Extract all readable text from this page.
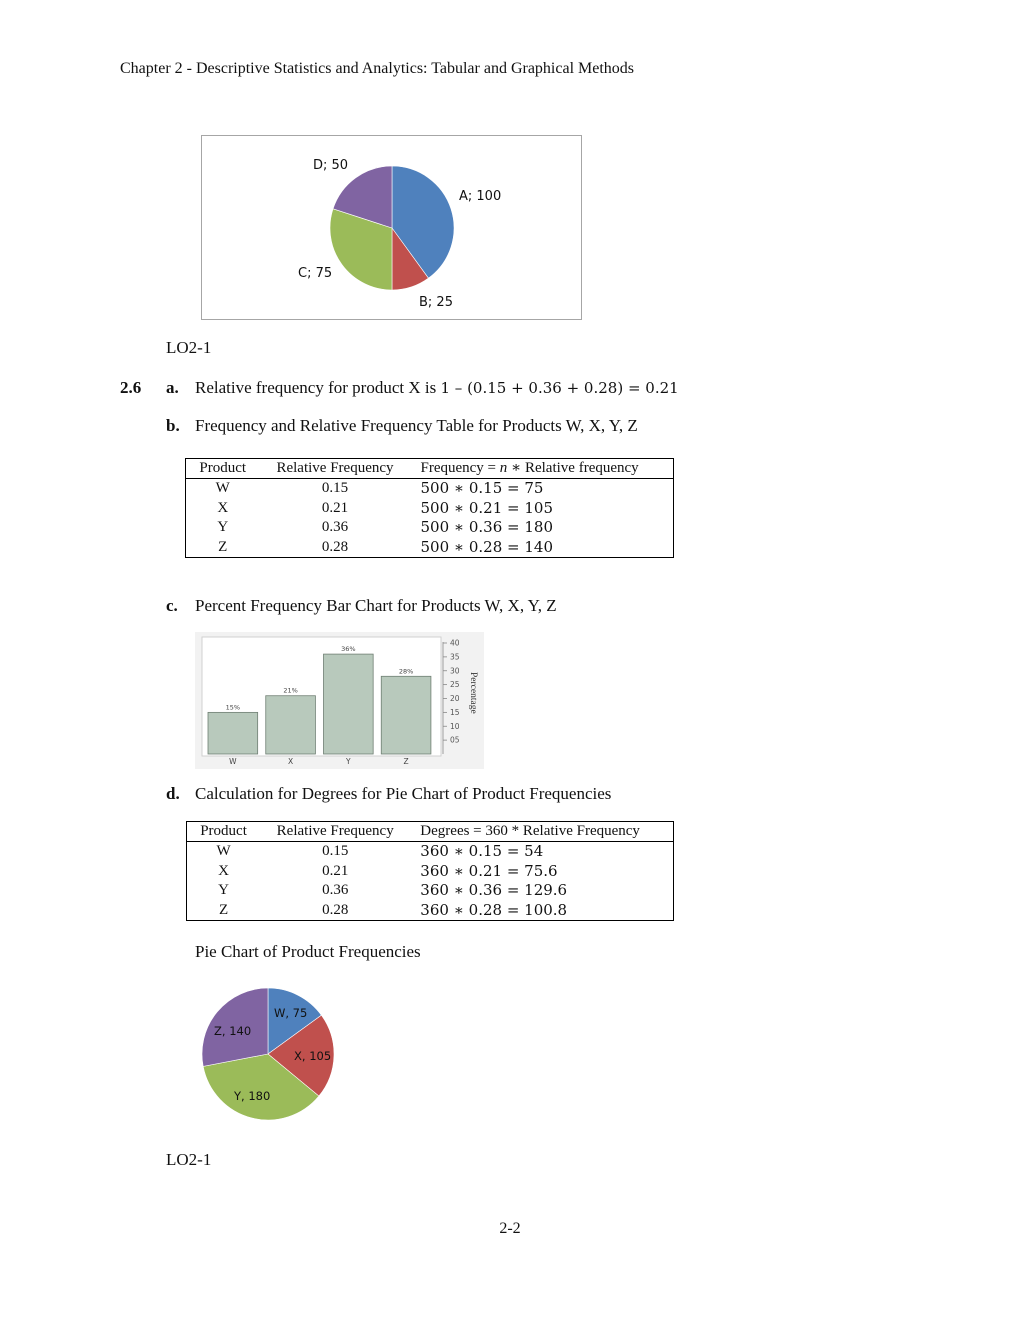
Chapter 2 - Descriptive Statistics and Analytics: Tabular and Graphical Methods
A; 100
B; 25
C; 75
D; 50
LO2-1
2.6 a. Relative frequency for product X is 1 – (0.15 + 0.36 + 0.28) = 0.21
b. Frequency and Relative Frequency Table for Products W, X, Y, Z
Product	Relative Frequency	Frequency = n ∗ Relative frequency
W	0.15	500 ∗ 0.15 = 75
X	0.21	500 ∗ 0.21 = 105
Y	0.36	500 ∗ 0.36 = 180
Z	0.28	500 ∗ 0.28 = 140
c. Percent Frequency Bar Chart for Products W, X, Y, Z
15%
W
21%
X
36%
Y
28%
Z
05
10
15
20
25
30
35
40
Percentage
d. Calculation for Degrees for Pie Chart of Product Frequencies
Product	Relative Frequency	Degrees = 360 * Relative Frequency
W	0.15	360 ∗ 0.15 = 54
X	0.21	360 ∗ 0.21 = 75.6
Y	0.36	360 ∗ 0.36 = 129.6
Z	0.28	360 ∗ 0.28 = 100.8
Pie Chart of Product Frequencies
W, 75
X, 105
Y, 180
Z, 140
LO2-1
2-2
